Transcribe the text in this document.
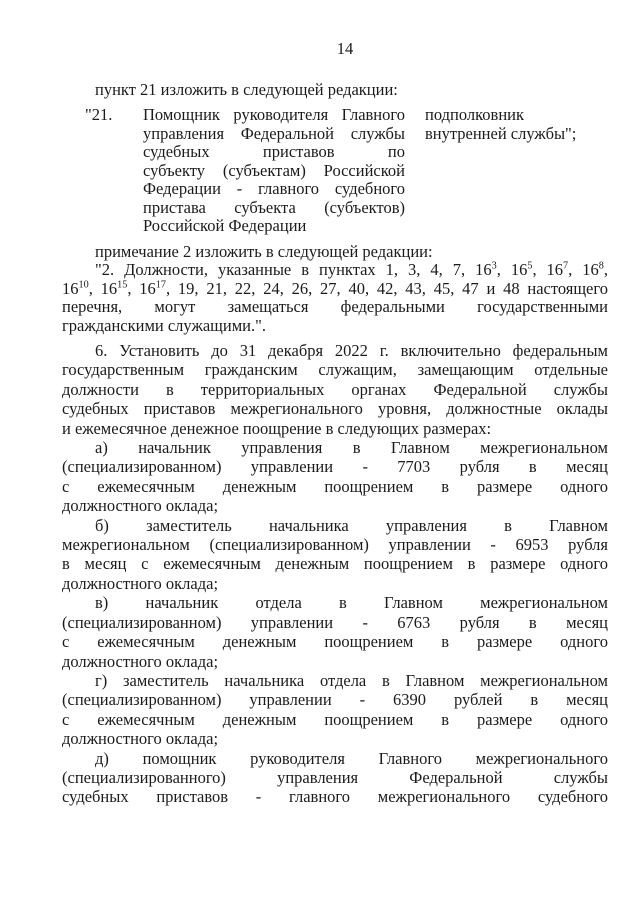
14

пункт 21 изложить в следующей редакции:

"21.	Помощник руководителя Главного
управления Федеральной службы
судебных приставов по
субъекту (субъектам) Российской
Федерации - главного судебного
пристава субъекта (субъектов)
Российской Федерации
подполковник внутренней службы";

примечание 2 изложить в следующей редакции:

"2. Должности, указанные в пунктах 1, 3, 4, 7, $16^3$, $16^5$, $16^7$, $16^8$,
$16^{10}$, $16^{15}$, $16^{17}$, 19, 21, 22, 24, 26, 27, 40, 42, 43, 45, 47 и 48 настоящего
перечня, могут замещаться федеральными государственными
гражданскими служащими.".

6. Установить до 31 декабря 2022 г. включительно федеральным
государственным гражданским служащим, замещающим отдельные
должности в территориальных органах Федеральной службы
судебных приставов межрегионального уровня, должностные оклады
и ежемесячное денежное поощрение в следующих размерах:

а) начальник управления в Главном межрегиональном
(специализированном) управлении - 7703 рубля в месяц
с ежемесячным денежным поощрением в размере одного
должностного оклада;

б) заместитель начальника управления в Главном
межрегиональном (специализированном) управлении - 6953 рубля
в месяц с ежемесячным денежным поощрением в размере одного
должностного оклада;

в) начальник отдела в Главном межрегиональном
(специализированном) управлении - 6763 рубля в месяц
с ежемесячным денежным поощрением в размере одного
должностного оклада;

г) заместитель начальника отдела в Главном межрегиональном
(специализированном) управлении - 6390 рублей в месяц
с ежемесячным денежным поощрением в размере одного
должностного оклада;

д) помощник руководителя Главного межрегионального
(специализированного) управления Федеральной службы
судебных приставов - главного межрегионального судебного
